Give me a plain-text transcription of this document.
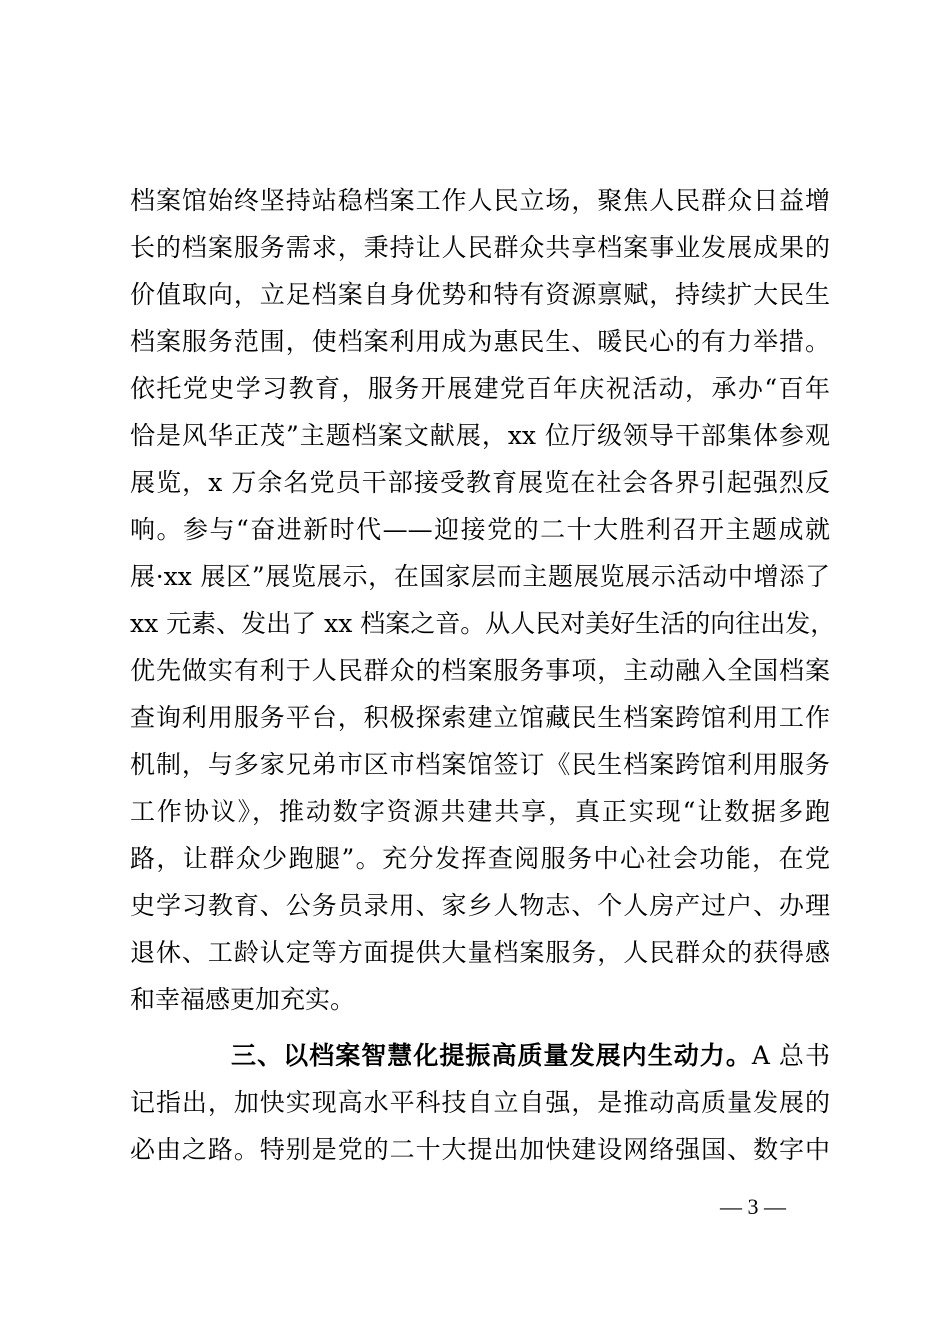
档案馆始终坚持站稳档案工作人民立场，聚焦人民群众日益增
长的档案服务需求，秉持让人民群众共享档案事业发展成果的
价值取向，立足档案自身优势和特有资源禀赋，持续扩大民生
档案服务范围，使档案利用成为惠民生、暖民心的有力举措。
依托党史学习教育，服务开展建党百年庆祝活动，承办“百年
恰是风华正茂”主题档案文献展，xx 位厅级领导干部集体参观
展览，x 万余名党员干部接受教育展览在社会各界引起强烈反
响。参与“奋进新时代——迎接党的二十大胜利召开主题成就
展·xx 展区”展览展示，在国家层而主题展览展示活动中增添了
xx 元素、发出了 xx 档案之音。从人民对美好生活的向往出发，
优先做实有利于人民群众的档案服务事项，主动融入全国档案
查询利用服务平台，积极探索建立馆藏民生档案跨馆利用工作
机制，与多家兄弟市区市档案馆签订《民生档案跨馆利用服务
工作协议》，推动数字资源共建共享，真正实现“让数据多跑
路，让群众少跑腿”。充分发挥查阅服务中心社会功能，在党
史学习教育、公务员录用、家乡人物志、个人房产过户、办理
退休、工龄认定等方面提供大量档案服务，人民群众的获得感
和幸福感更加充实。
三、以档案智慧化提振高质量发展内生动力。A 总书
记指出，加快实现高水平科技自立自强，是推动高质量发展的
必由之路。特别是党的二十大提出加快建设网络强国、数字中
— 3 —
